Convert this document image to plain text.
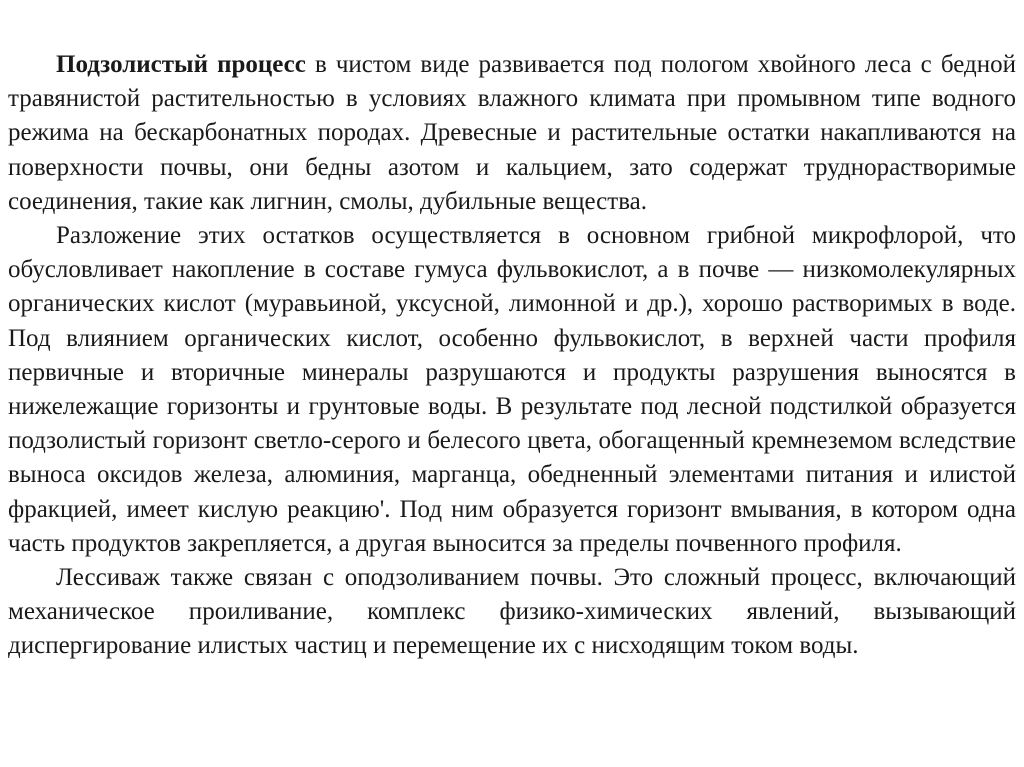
Подзолистый процесс в чистом виде развивается под пологом хвойного леса с бедной травянистой растительностью в условиях влажного климата при промывном типе водного режима на бескарбонатных породах. Древесные и растительные остатки накапливаются на поверхности почвы, они бедны азотом и кальцием, зато содержат труднорастворимые соединения, такие как лигнин, смолы, дубильные вещества.

Разложение этих остатков осуществляется в основном грибной микрофлорой, что обусловливает накопление в составе гумуса фульвокислот, а в почве — низкомолекулярных органических кислот (муравьиной, уксусной, лимонной и др.), хорошо растворимых в воде. Под влиянием органических кислот, особенно фульвокислот, в верхней части профиля первичные и вторичные минералы разрушаются и продукты разрушения выносятся в нижележащие горизонты и грунтовые воды. В результате под лесной подстилкой образуется подзолистый горизонт светло-серого и белесого цвета, обогащенный кремнеземом вследствие выноса оксидов железа, алюминия, марганца, обедненный элементами питания и илистой фракцией, имеет кислую реакцию'. Под ним образуется горизонт вмывания, в котором одна часть продуктов закрепляется, а другая выносится за пределы почвенного профиля.

Лессиваж также связан с оподзоливанием почвы. Это сложный процесс, включающий механическое проиливание, комплекс физико-химических явлений, вызывающий диспергирование илистых частиц и перемещение их с нисходящим током воды.
